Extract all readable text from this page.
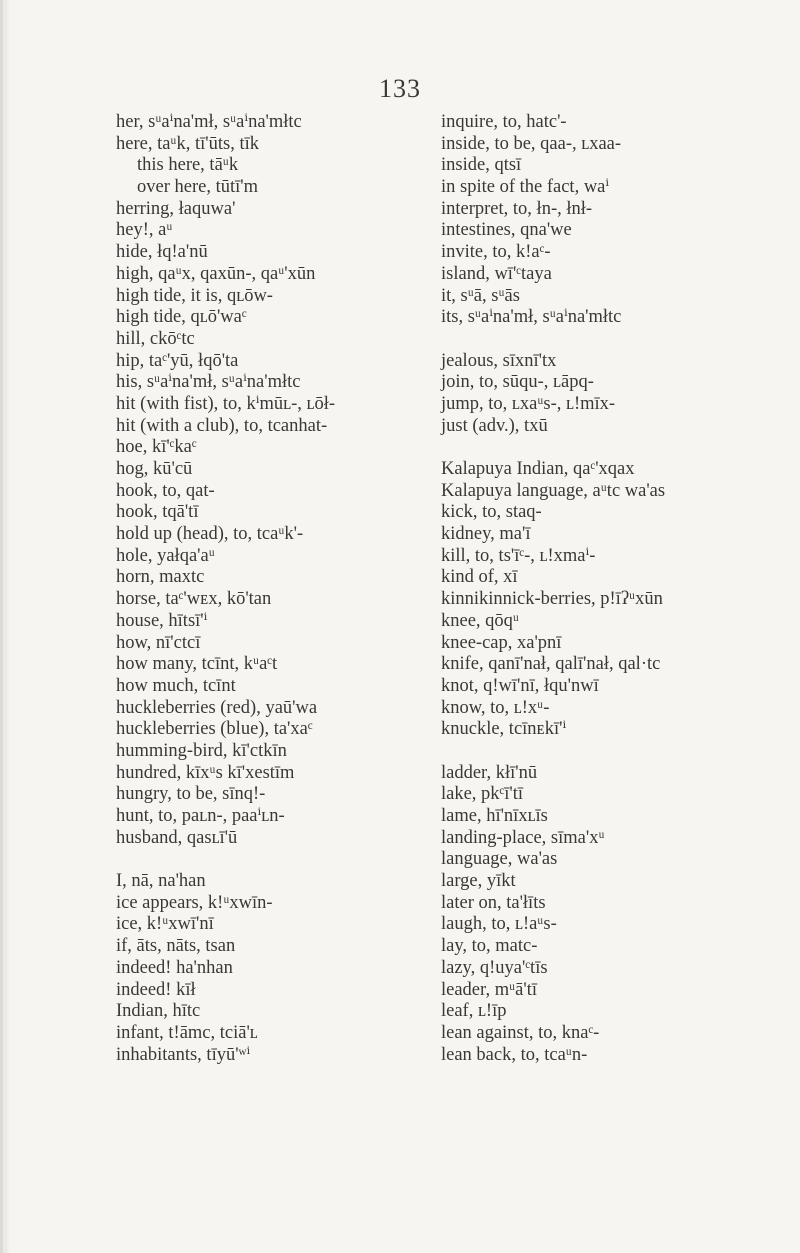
133
her, sᵘaⁱna'mł, sᵘaⁱna'młtc
here, taᵘk, tī'ūts, tīk
this here, tāᵘk
over here, tūtī'm
herring, łaquwa'
hey!, aᵘ
hide, łq!a'nū
high, qaᵘx, qaxūn-, qaᵘ'xūn
high tide, it is, qʟōw-
high tide, qʟō'waᶜ
hill, ckōᶜtc
hip, taᶜ'yū, łqō'ta
his, sᵘaⁱna'mł, sᵘaⁱna'młtc
hit (with fist), to, kⁱmūʟ-, ʟōł-
hit (with a club), to, tcanhat-
hoe, kī'ᶜkaᶜ
hog, kū'cū
hook, to, qat-
hook, tqā'tī
hold up (head), to, tcaᵘk'-
hole, yałqa'aᵘ
horn, maxtc
horse, taᶜ'wᴇx, kō'tan
house, hītsī'ⁱ
how, nī'ctcī
how many, tcīnt, kᵘaᶜt
how much, tcīnt
huckleberries (red), yaū'wa
huckleberries (blue), ta'xaᶜ
humming-bird, kī'ctkīn
hundred, kīxᵘs kī'xestīm
hungry, to be, sīnq!-
hunt, to, paʟn-, paaⁱʟn-
husband, qasʟī'ū
I, nā, na'han
ice appears, k!ᵘxwīn-
ice, k!ᵘxwī'nī
if, āts, nāts, tsan
indeed! ha'nhan
indeed! kīł
Indian, hītc
infant, t!āmc, tciā'ʟ
inhabitants, tīyū'ʷⁱ
inquire, to, hatc'-
inside, to be, qaa-, ʟxaa-
inside, qtsī
in spite of the fact, waⁱ
interpret, to, łn-, łnł-
intestines, qna'we
invite, to, k!aᶜ-
island, wī'ᶜtaya
it, sᵘā, sᵘās
its, sᵘaⁱna'mł, sᵘaⁱna'młtc
jealous, sīxnī'tx
join, to, sūqu-, ʟāpq-
jump, to, ʟxaᵘs-, ʟ!mīx-
just (adv.), txū
Kalapuya Indian, qaᶜ'xqax
Kalapuya language, aᵘtc wa'as
kick, to, staq-
kidney, ma'ī
kill, to, ts'īᶜ-, ʟ!xmaⁱ-
kind of, xī
kinnikinnick-berries, p!īʔᵘxūn
knee, qōqᵘ
knee-cap, xa'pnī
knife, qanī'nał, qalī'nał, qal·tc
knot, q!wī'nī, łqu'nwī
know, to, ʟ!xᵘ-
knuckle, tcīnᴇkī'ⁱ
ladder, kłī'nū
lake, pkᶜī'tī
lame, hī'nīxʟīs
landing-place, sīma'xᵘ
language, wa'as
large, yīkt
later on, ta'łīts
laugh, to, ʟ!aᵘs-
lay, to, matc-
lazy, q!uya'ᶜtīs
leader, mᵘā'tī
leaf, ʟ!īp
lean against, to, knaᶜ-
lean back, to, tcaᵘn-
